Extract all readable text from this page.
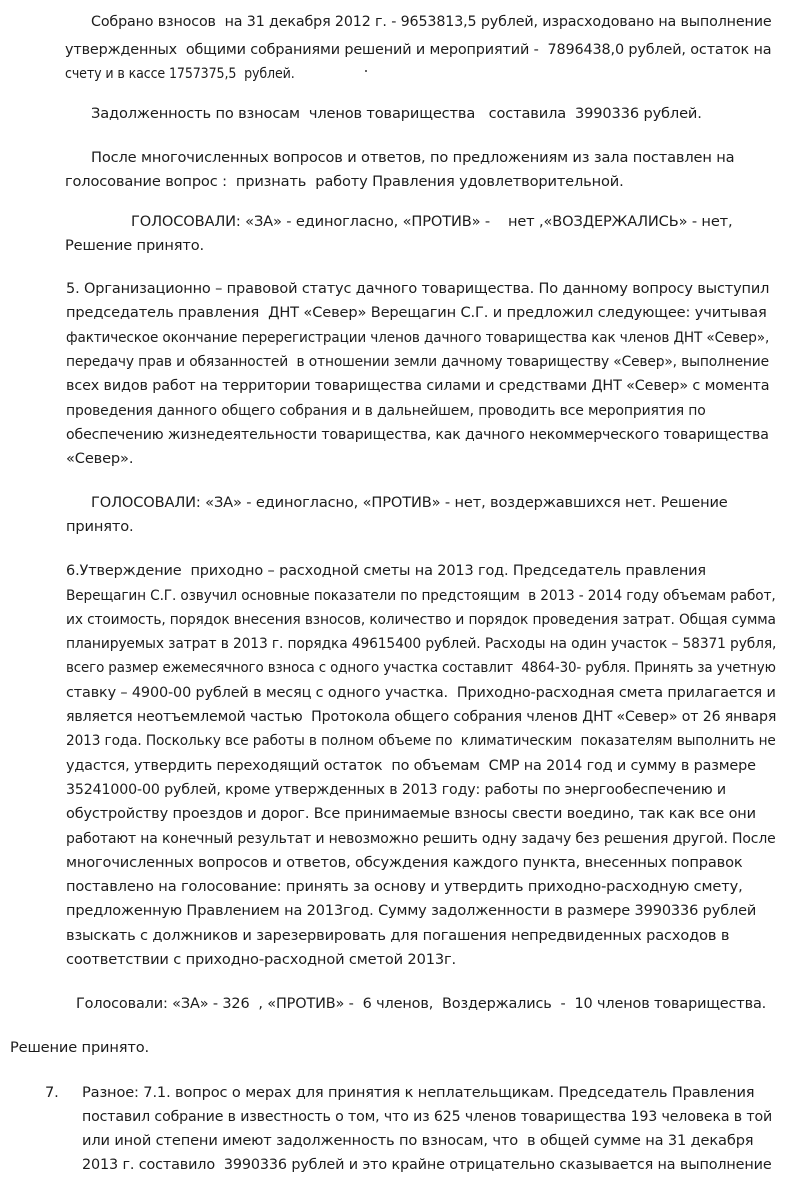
Собрано взносов  на 31 декабря 2012 г. - 9653813,5 рублей, израсходовано на выполнение
утвержденных  общими собраниями решений и мероприятий -  7896438,0 рублей, остаток на
счету и в кассе 1757375,5  рублей.
Задолженность по взносам  членов товарищества   составила  3990336 рублей.
После многочисленных вопросов и ответов, по предложениям из зала поставлен на
голосование вопрос :  признать  работу Правления удовлетворительной.
ГОЛОСОВАЛИ: «ЗА» - единогласно, «ПРОТИВ» -    нет ,«ВОЗДЕРЖАЛИСЬ» - нет,
Решение принято.
5. Организационно – правовой статус дачного товарищества. По данному вопросу выступил
председатель правления  ДНТ «Север» Верещагин С.Г. и предложил следующее: учитывая
фактическое окончание перерегистрации членов дачного товарищества как членов ДНТ «Север»,
передачу прав и обязанностей  в отношении земли дачному товариществу «Север», выполнение
всех видов работ на территории товарищества силами и средствами ДНТ «Север» с момента
проведения данного общего собрания и в дальнейшем, проводить все мероприятия по
обеспечению жизнедеятельности товарищества, как дачного некоммерческого товарищества
«Север».
ГОЛОСОВАЛИ: «ЗА» - единогласно, «ПРОТИВ» - нет, воздержавшихся нет. Решение
принято.
6.Утверждение  приходно – расходной сметы на 2013 год. Председатель правления
Верещагин С.Г. озвучил основные показатели по предстоящим  в 2013 - 2014 году объемам работ,
их стоимость, порядок внесения взносов, количество и порядок проведения затрат. Общая сумма
планируемых затрат в 2013 г. порядка 49615400 рублей. Расходы на один участок – 58371 рубля,
всего размер ежемесячного взноса с одного участка составлит  4864-30- рубля. Принять за учетную
ставку – 4900-00 рублей в месяц с одного участка.  Приходно-расходная смета прилагается и
является неотъемлемой частью  Протокола общего собрания членов ДНТ «Север» от 26 января
2013 года. Поскольку все работы в полном объеме по  климатическим  показателям выполнить не
удастся, утвердить переходящий остаток  по объемам  СМР на 2014 год и сумму в размере
35241000-00 рублей, кроме утвержденных в 2013 году: работы по энергообеспечению и
обустройству проездов и дорог. Все принимаемые взносы свести воедино, так как все они
работают на конечный результат и невозможно решить одну задачу без решения другой. После
многочисленных вопросов и ответов, обсуждения каждого пункта, внесенных поправок
поставлено на голосование: принять за основу и утвердить приходно-расходную смету,
предложенную Правлением на 2013год. Сумму задолженности в размере 3990336 рублей
взыскать с должников и зарезервировать для погашения непредвиденных расходов в
соответствии с приходно-расходной сметой 2013г.
Голосовали: «ЗА» - 326  , «ПРОТИВ» -  6 членов,  Воздержались  -  10 членов товарищества.
Решение принято.
7. Разное: 7.1. вопрос о мерах для принятия к неплательщикам. Председатель Правления
поставил собрание в известность о том, что из 625 членов товарищества 193 человека в той
или иной степени имеют задолженность по взносам, что  в общей сумме на 31 декабря
2013 г. составило  3990336 рублей и это крайне отрицательно сказывается на выполнение
